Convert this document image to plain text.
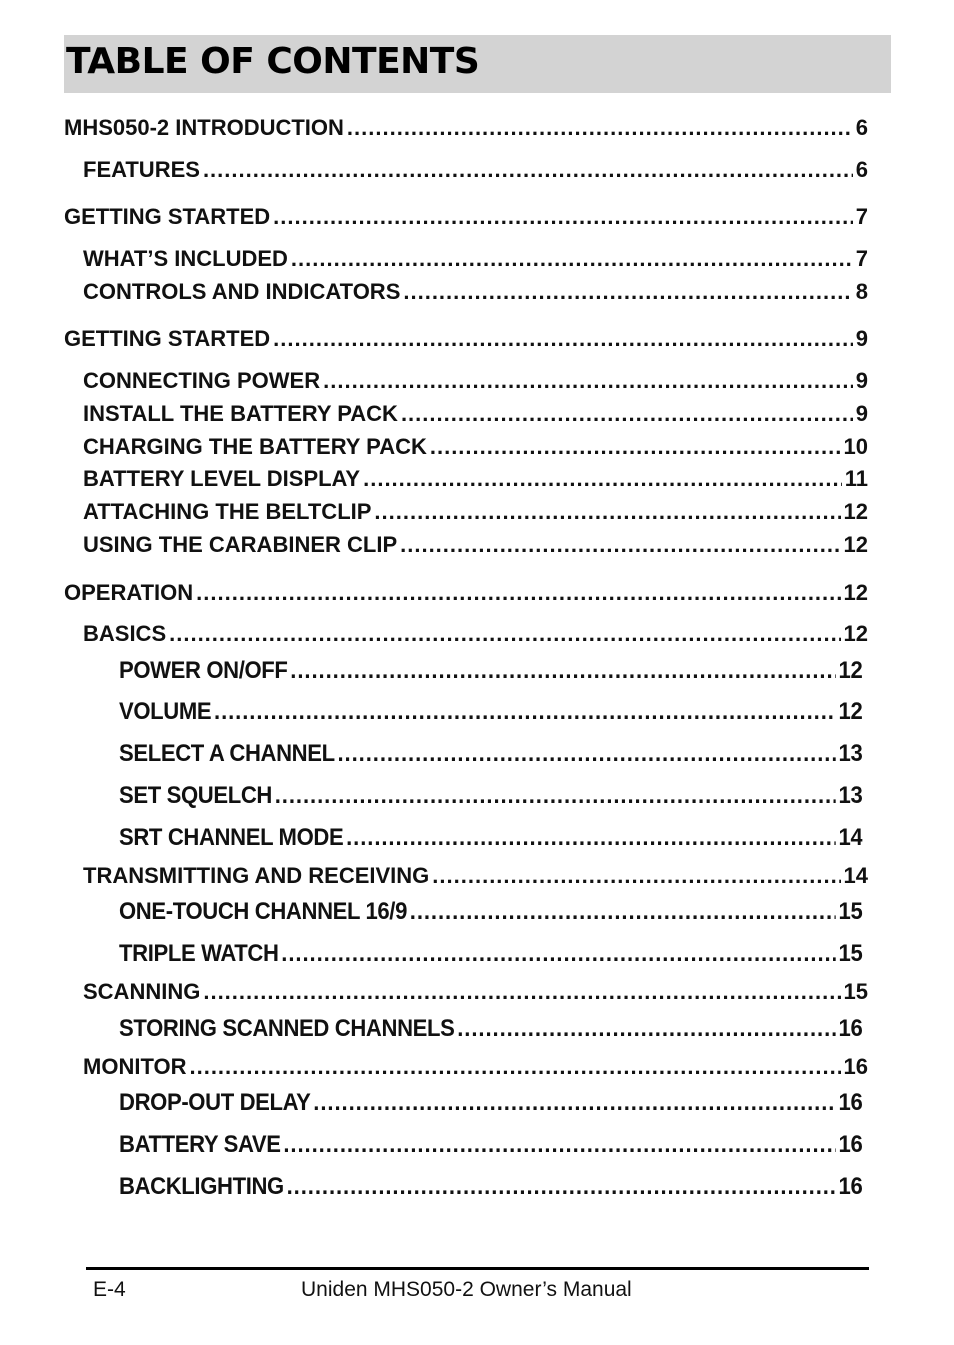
TABLE OF CONTENTS
MHS050-2 INTRODUCTION .....	6
FEATURES .....	6
GETTING STARTED .....	7
WHAT’S INCLUDED .....	7
CONTROLS AND INDICATORS .....	8
GETTING STARTED .....	9
CONNECTING POWER .....	9
INSTALL THE BATTERY PACK .....	9
CHARGING THE BATTERY PACK .....	10
BATTERY LEVEL DISPLAY .....	11
ATTACHING THE BELTCLIP .....	12
USING THE CARABINER CLIP .....	12
OPERATION .....	12
BASICS .....	12
POWER ON/OFF .....	12
VOLUME .....	12
SELECT A CHANNEL .....	13
SET SQUELCH .....	13
SRT CHANNEL MODE .....	14
TRANSMITTING AND RECEIVING .....	14
ONE-TOUCH CHANNEL 16/9 .....	15
TRIPLE WATCH .....	15
SCANNING .....	15
STORING SCANNED CHANNELS .....	16
MONITOR .....	16
DROP-OUT DELAY .....	16
BATTERY SAVE .....	16
BACKLIGHTING .....	16
E-4	Uniden MHS050-2 Owner’s Manual
